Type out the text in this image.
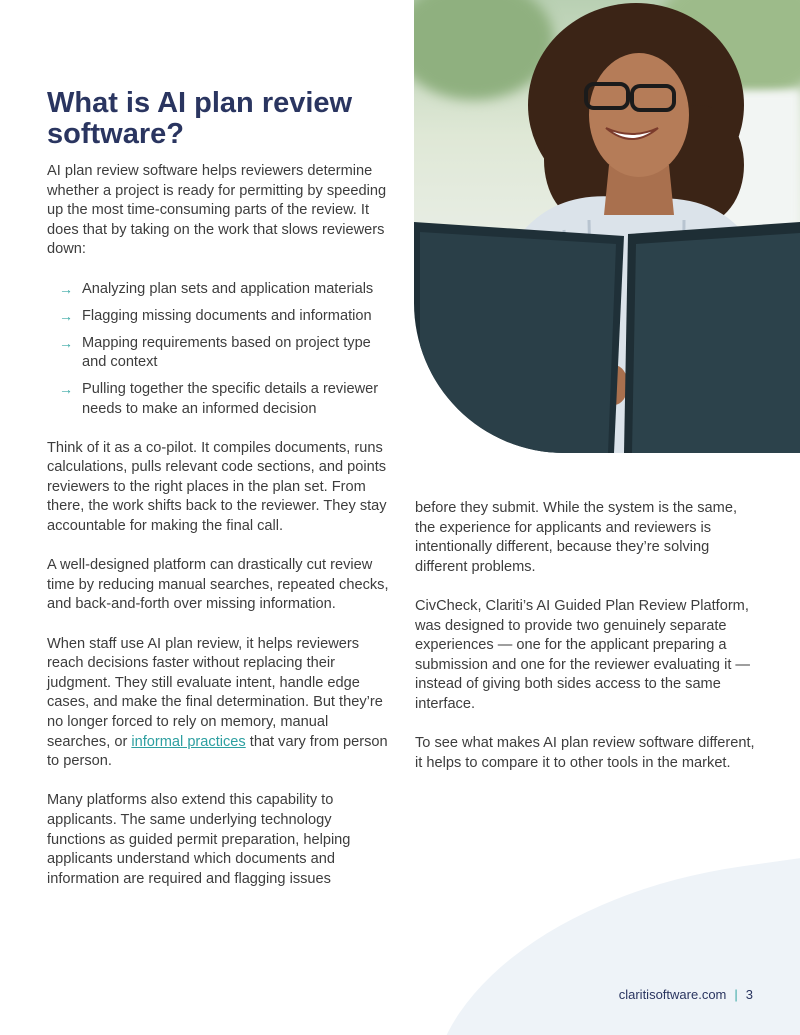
What is AI plan review software?

AI plan review software helps reviewers determine whether a project is ready for permitting by speeding up the most time-consuming parts of the review. It does that by taking on the work that slows reviewers down:

→ Analyzing plan sets and application materials
→ Flagging missing documents and information
→ Mapping requirements based on project type and context
→ Pulling together the specific details a reviewer needs to make an informed decision

Think of it as a co-pilot. It compiles documents, runs calculations, pulls relevant code sections, and points reviewers to the right places in the plan set. From there, the work shifts back to the reviewer. They stay accountable for making the final call.

A well-designed platform can drastically cut review time by reducing manual searches, repeated checks, and back-and-forth over missing information.

When staff use AI plan review, it helps reviewers reach decisions faster without replacing their judgment. They still evaluate intent, handle edge cases, and make the final determination. But they’re no longer forced to rely on memory, manual searches, or informal practices that vary from person to person.

Many platforms also extend this capability to applicants. The same underlying technology functions as guided permit preparation, helping applicants understand which documents and information are required and flagging issues

before they submit. While the system is the same, the experience for applicants and reviewers is intentionally different, because they’re solving different problems.

CivCheck, Clariti’s AI Guided Plan Review Platform, was designed to provide two genuinely separate experiences — one for the applicant preparing a submission and one for the reviewer evaluating it — instead of giving both sides access to the same interface.

To see what makes AI plan review software different, it helps to compare it to other tools in the market.

claritisoftware.com | 3
